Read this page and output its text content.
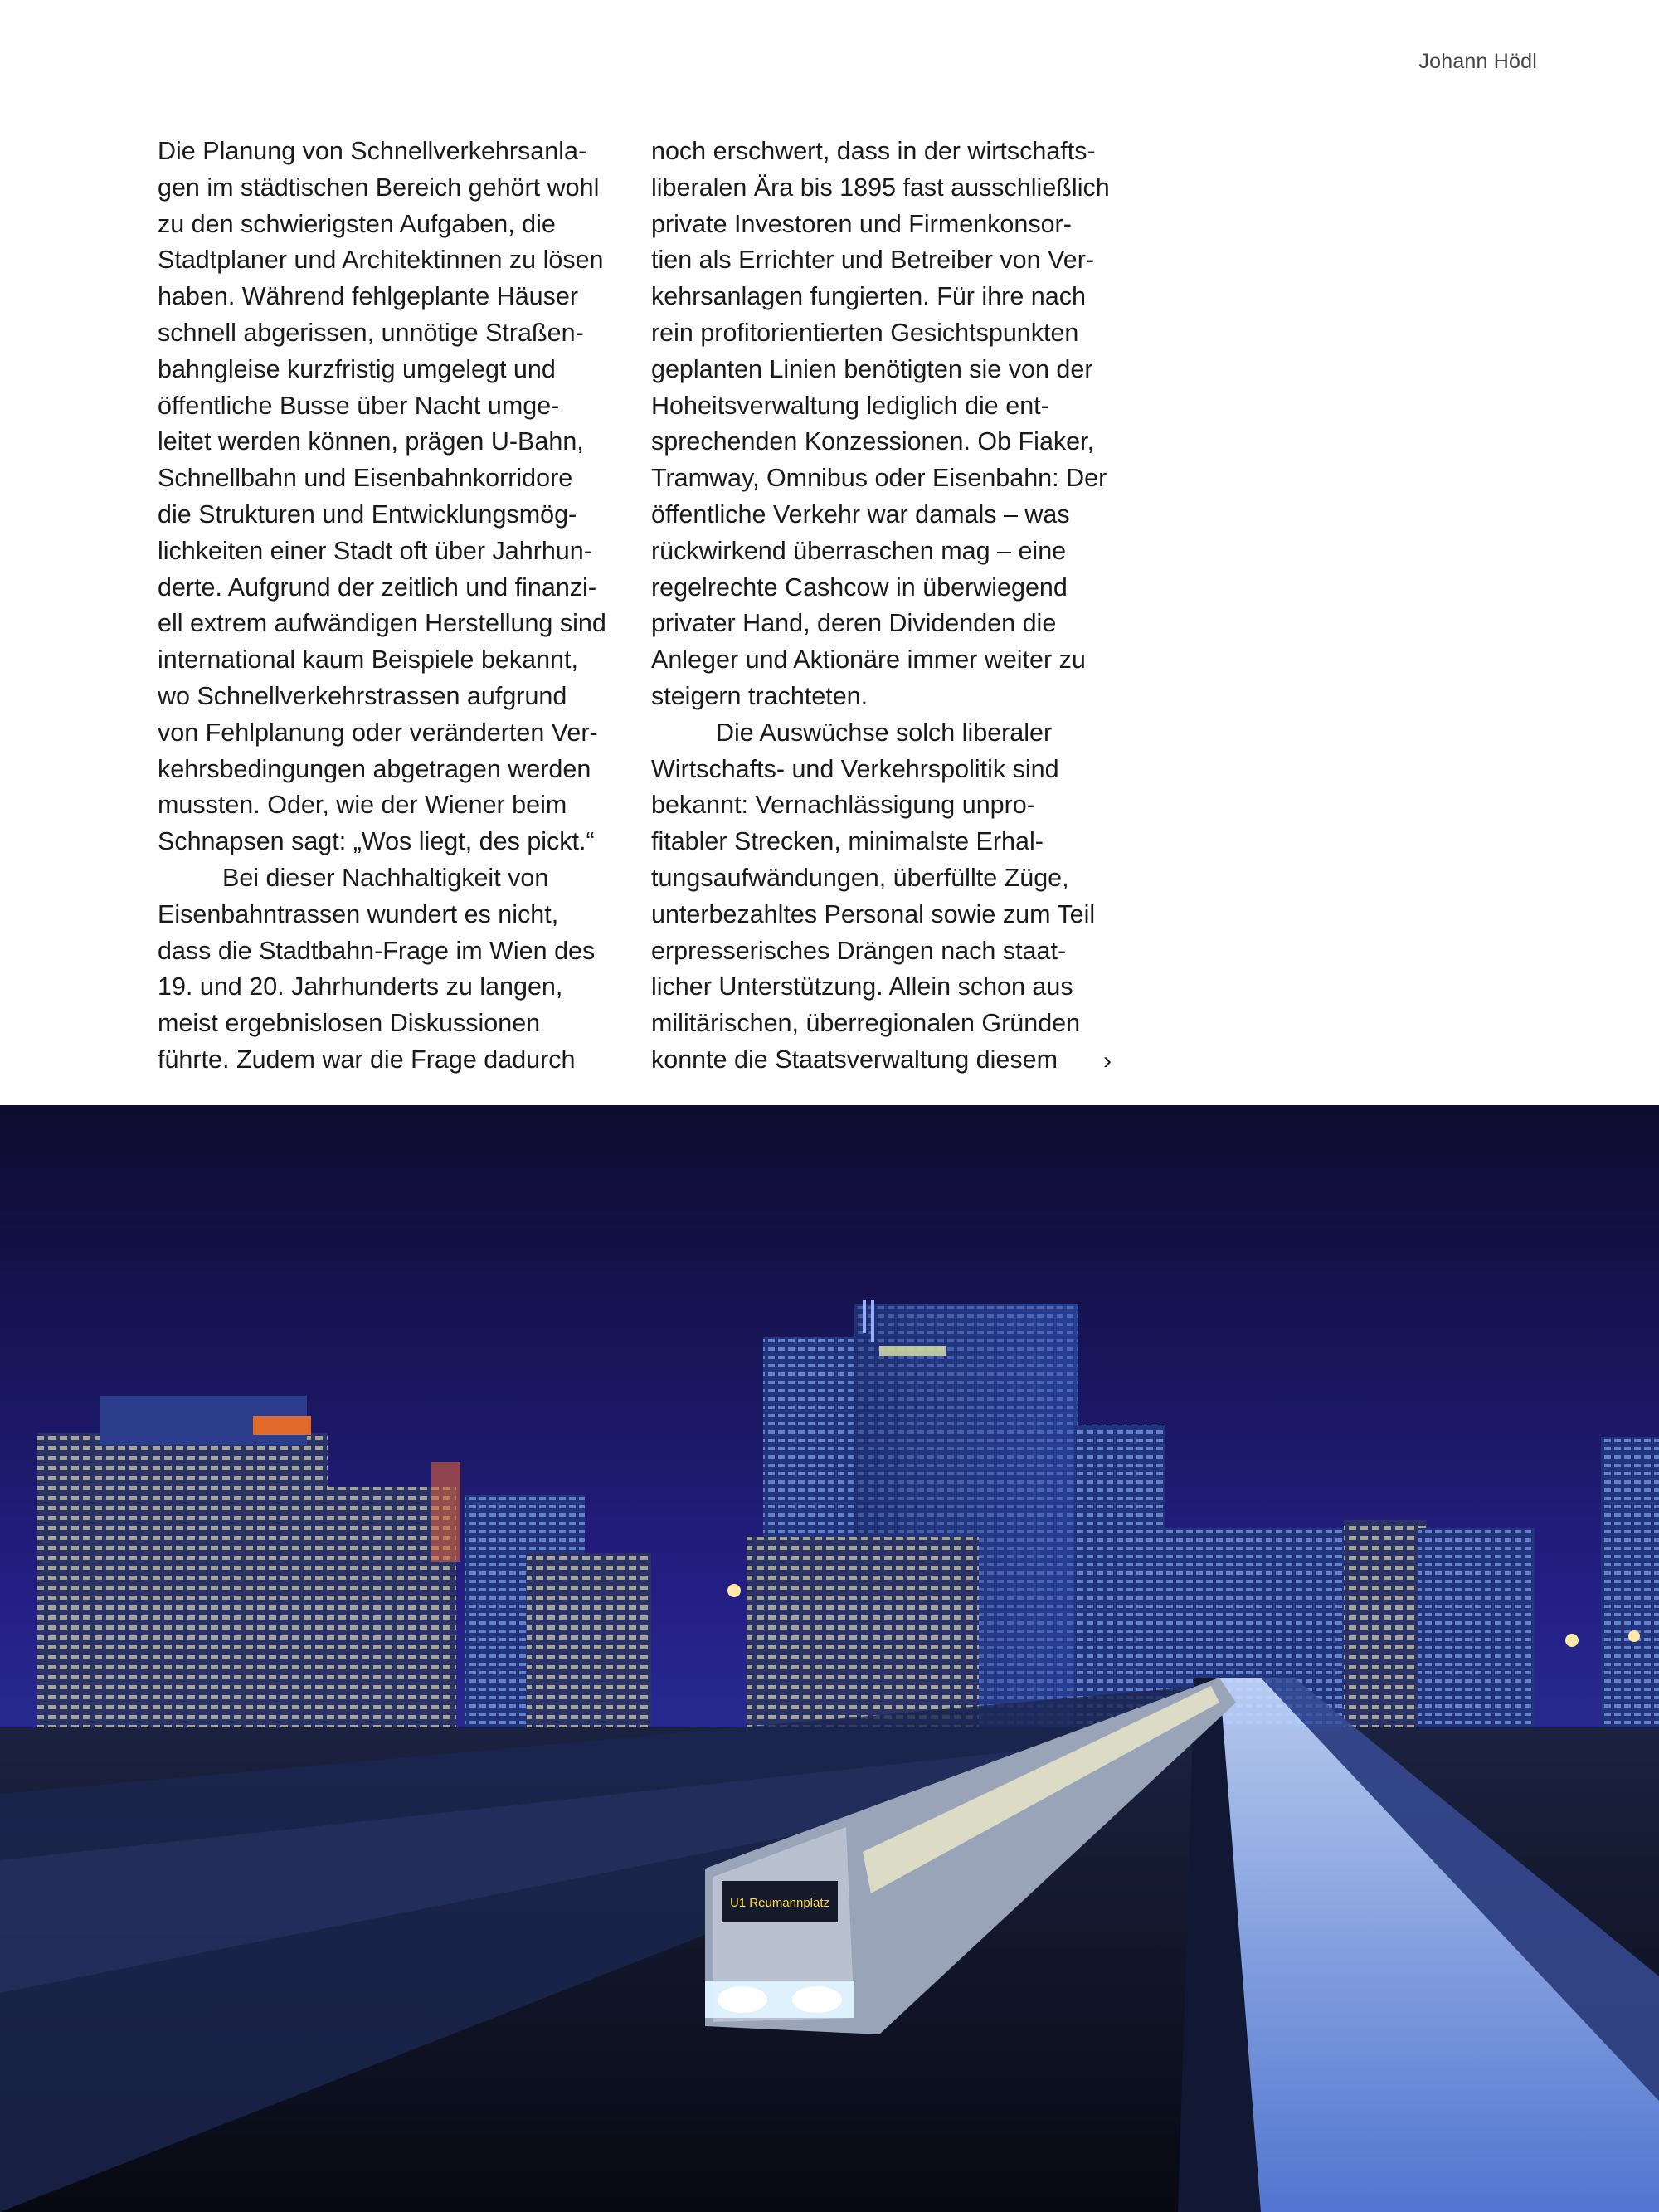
Johann Hödl
Die Planung von Schnellverkehrsanla-
gen im städtischen Bereich gehört wohl
zu den schwierigsten Aufgaben, die
Stadtplaner und Architektinnen zu lösen
haben. Während fehlgeplante Häuser
schnell abgerissen, unnötige Straßen-
bahngleise kurzfristig umgelegt und
öffentliche Busse über Nacht umge-
leitet werden können, prägen U-Bahn,
Schnellbahn und Eisenbahnkorridore
die Strukturen und Entwicklungsmög-
lichkeiten einer Stadt oft über Jahrhun-
derte. Aufgrund der zeitlich und finanzi-
ell extrem aufwändigen Herstellung sind
international kaum Beispiele bekannt,
wo Schnellverkehrstrassen aufgrund
von Fehlplanung oder veränderten Ver-
kehrsbedingungen abgetragen werden
mussten. Oder, wie der Wiener beim
Schnapsen sagt: „Wos liegt, des pickt.“
Bei dieser Nachhaltigkeit von
Eisenbahntrassen wundert es nicht,
dass die Stadtbahn-Frage im Wien des
19. und 20. Jahrhunderts zu langen,
meist ergebnislosen Diskussionen
führte. Zudem war die Frage dadurch
noch erschwert, dass in der wirtschafts-
liberalen Ära bis 1895 fast ausschließlich
private Investoren und Firmenkonsor-
tien als Errichter und Betreiber von Ver-
kehrsanlagen fungierten. Für ihre nach
rein profitorientierten Gesichtspunkten
geplanten Linien benötigten sie von der
Hoheitsverwaltung lediglich die ent-
sprechenden Konzessionen. Ob Fiaker,
Tramway, Omnibus oder Eisenbahn: Der
öffentliche Verkehr war damals – was
rückwirkend überraschen mag – eine
regelrechte Cashcow in überwiegend
privater Hand, deren Dividenden die
Anleger und Aktionäre immer weiter zu
steigern trachteten.
Die Auswüchse solch liberaler
Wirtschafts- und Verkehrspolitik sind
bekannt: Vernachlässigung unpro-
fitabler Strecken, minimalste Erhal-
tungsaufwändungen, überfüllte Züge,
unterbezahltes Personal sowie zum Teil
erpresserisches Drängen nach staat-
licher Unterstützung. Allein schon aus
militärischen, überregionalen Gründen
konnte die Staatsverwaltung diesem	›
U1 Reumannplatz
